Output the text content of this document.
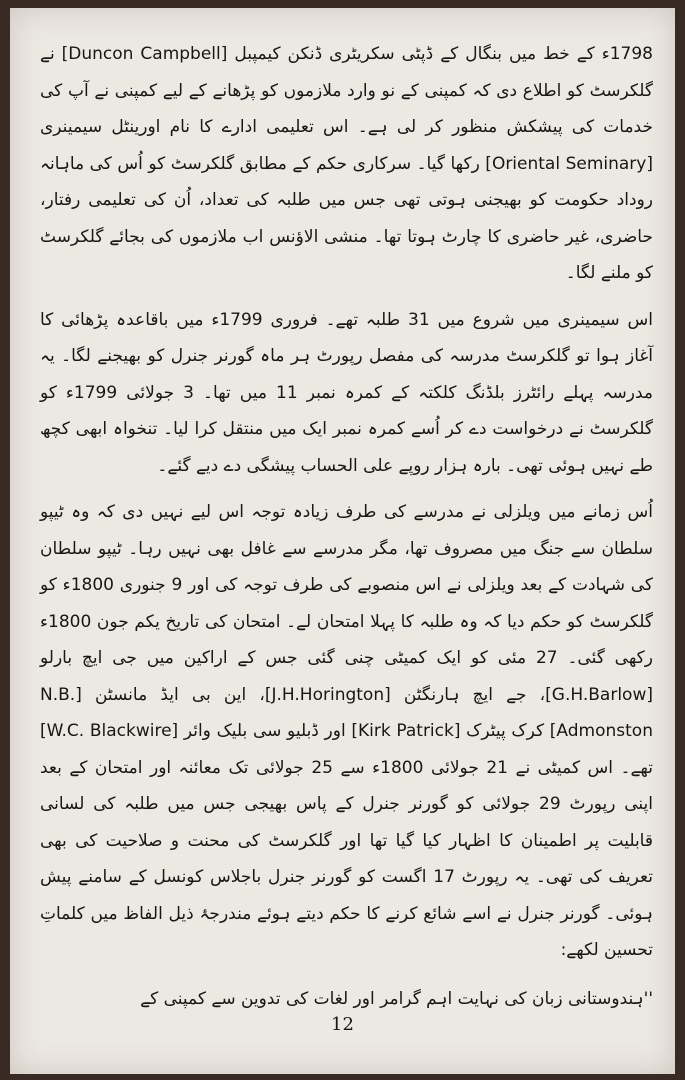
1798ء کے خط میں بنگال کے ڈپٹی سکریٹری ڈنکن کیمپبل [Duncon Campbell] نے گلکرسٹ کو اطلاع دی کہ کمپنی کے نو وارد ملازموں کو پڑھانے کے لیے کمپنی نے آپ کی خدمات کی پیشکش منظور کر لی ہے۔ اس تعلیمی ادارے کا نام اورینٹل سیمینری [Oriental Seminary] رکھا گیا۔ سرکاری حکم کے مطابق گلکرسٹ کو اُس کی ماہانہ روداد حکومت کو بھیجنی ہوتی تھی جس میں طلبہ کی تعداد، اُن کی تعلیمی رفتار، حاضری، غیر حاضری کا چارٹ ہوتا تھا۔ منشی الاؤنس اب ملازموں کی بجائے گلکرسٹ کو ملنے لگا۔

اس سیمینری میں شروع میں 31 طلبہ تھے۔ فروری 1799ء میں باقاعدہ پڑھائی کا آغاز ہوا تو گلکرسٹ مدرسہ کی مفصل رپورٹ ہر ماہ گورنر جنرل کو بھیجنے لگا۔ یہ مدرسہ پہلے رائٹرز بلڈنگ کلکتہ کے کمرہ نمبر 11 میں تھا۔ 3 جولائی 1799ء کو گلکرسٹ نے درخواست دے کر اُسے کمرہ نمبر ایک میں منتقل کرا لیا۔ تنخواہ ابھی کچھ طے نہیں ہوئی تھی۔ بارہ ہزار روپے علی الحساب پیشگی دے دیے گئے۔

اُس زمانے میں ویلزلی نے مدرسے کی طرف زیادہ توجہ اس لیے نہیں دی کہ وہ ٹیپو سلطان سے جنگ میں مصروف تھا، مگر مدرسے سے غافل بھی نہیں رہا۔ ٹیپو سلطان کی شہادت کے بعد ویلزلی نے اس منصوبے کی طرف توجہ کی اور 9 جنوری 1800ء کو گلکرسٹ کو حکم دیا کہ وہ طلبہ کا پہلا امتحان لے۔ امتحان کی تاریخ یکم جون 1800ء رکھی گئی۔ 27 مئی کو ایک کمیٹی چنی گئی جس کے اراکین میں جی ایچ بارلو [G.H.Barlow]، جے ایچ ہارنگٹن [J.H.Horington]، این بی ایڈ مانسٹن [N.B. Admonston] کرک پیٹرک [Kirk Patrick] اور ڈبلیو سی بلیک وائر [W.C. Blackwire] تھے۔ اس کمیٹی نے 21 جولائی 1800ء سے 25 جولائی تک معائنہ اور امتحان کے بعد اپنی رپورٹ 29 جولائی کو گورنر جنرل کے پاس بھیجی جس میں طلبہ کی لسانی قابلیت پر اطمینان کا اظہار کیا گیا تھا اور گلکرسٹ کی محنت و صلاحیت کی بھی تعریف کی تھی۔ یہ رپورٹ 17 اگست کو گورنر جنرل باجلاس کونسل کے سامنے پیش ہوئی۔ گورنر جنرل نے اسے شائع کرنے کا حکم دیتے ہوئے مندرجۂ ذیل الفاظ میں کلماتِ تحسین لکھے:

''ہندوستانی زبان کی نہایت اہم گرامر اور لغات کی تدوین سے کمپنی کے

12
